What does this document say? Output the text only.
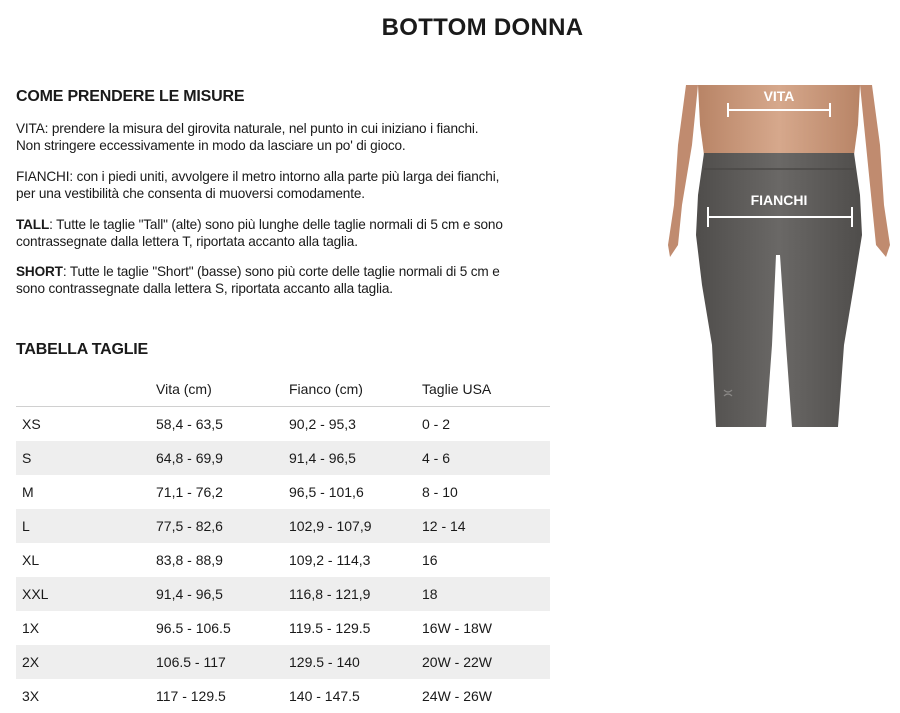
BOTTOM DONNA
COME PRENDERE LE MISURE
VITA: prendere la misura del girovita naturale, nel punto in cui iniziano i fianchi. Non stringere eccessivamente in modo da lasciare un po' di gioco.
FIANCHI: con i piedi uniti, avvolgere il metro intorno alla parte più larga dei fianchi, per una vestibilità che consenta di muoversi comodamente.
TALL: Tutte le taglie "Tall" (alte) sono più lunghe delle taglie normali di 5 cm e sono contrassegnate dalla lettera T, riportata accanto alla taglia.
SHORT: Tutte le taglie "Short" (basse) sono più corte delle taglie normali di 5 cm e sono contrassegnate dalla lettera S, riportata accanto alla taglia.
TABELLA TAGLIE
	Vita (cm)	Fianco (cm)	Taglie USA
XS	58,4 - 63,5	90,2 - 95,3	0 - 2
S	64,8 - 69,9	91,4 - 96,5	4 - 6
M	71,1 - 76,2	96,5 - 101,6	8 - 10
L	77,5 - 82,6	102,9 - 107,9	12 - 14
XL	83,8 - 88,9	109,2 - 114,3	16
XXL	91,4 - 96,5	116,8 - 121,9	18
1X	96.5 - 106.5	119.5 - 129.5	16W - 18W
2X	106.5 - 117	129.5 - 140	20W - 22W
3X	117 - 129.5	140 - 147.5	24W - 26W
VITA
FIANCHI
